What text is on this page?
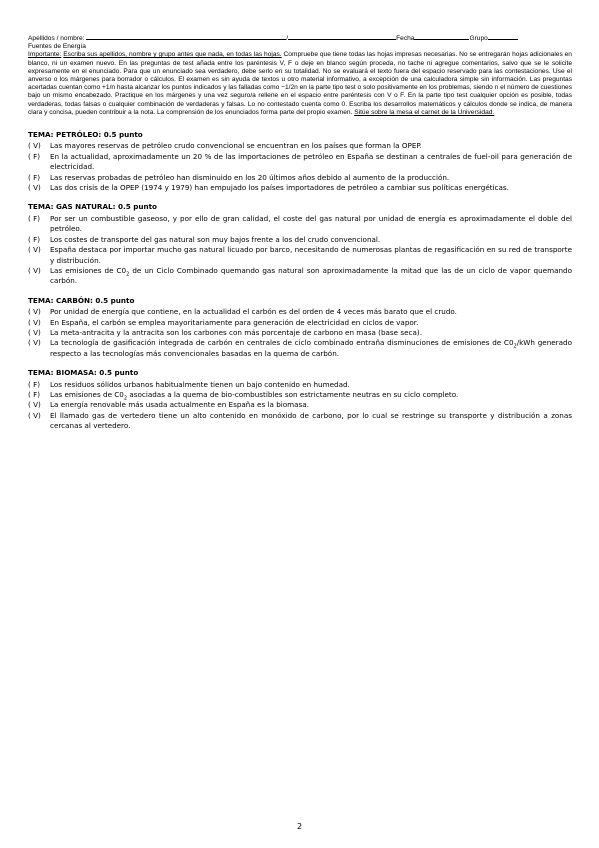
Apellidos / nombre:	/	Fecha	Grupo
Fuentes de Energía
Importante: Escriba sus apellidos, nombre y grupo antes que nada, en todas las hojas. Compruebe que tiene todas las hojas impresas necesarias. No se entregarán hojas adicionales en blanco, ni un examen nuevo. En las preguntas de test añada entre los paréntesis V, F o deje en blanco según proceda, no tache ni agregue comentarios, salvo que se le solicite expresamente en el enunciado. Para que un enunciado sea verdadero, debe serlo en su totalidad. No se evaluará el texto fuera del espacio reservado para las contestaciones. Use el anverso o los márgenes para borrador o cálculos. El examen es sin ayuda de textos u otro material informativo, a excepción de una calculadora simple sin información. Las preguntas acertadas cuentan como +1/n hasta alcanzar los puntos indicados y las falladas como −1/2n en la parte tipo test o solo positivamente en los problemas, siendo n el número de cuestiones bajo un mismo encabezado. Practique en los márgenes y una vez seguro/a rellene en el espacio entre paréntesis con V o F. En la parte tipo test cualquier opción es posible, todas verdaderas, todas falsas o cualquier combinación de verdaderas y falsas. Lo no contestado cuenta como 0. Escriba los desarrollos matemáticos y cálculos donde se indica, de manera clara y concisa, pueden contribuir a la nota. La comprensión de los enunciados forma parte del propio examen. Sitúe sobre la mesa el carnet de la Universidad.
TEMA: PETRÓLEO: 0.5 punto
( V) Las mayores reservas de petróleo crudo convencional se encuentran en los países que forman la OPEP.
( F) En la actualidad, aproximadamente un 20 % de las importaciones de petróleo en España se destinan a centrales de fuel-oil para generación de electricidad.
( F) Las reservas probadas de petróleo han disminuido en los 20 últimos años debido al aumento de la producción.
( V) Las dos crisis de la OPEP (1974 y 1979) han empujado los países importadores de petróleo a cambiar sus políticas energéticas.
TEMA: GAS NATURAL: 0.5 punto
( F) Por ser un combustible gaseoso, y por ello de gran calidad, el coste del gas natural por unidad de energía es aproximadamente el doble del petróleo.
( F) Los costes de transporte del gas natural son muy bajos frente a los del crudo convencional.
( V) España destaca por importar mucho gas natural licuado por barco, necesitando de numerosas plantas de regasificación en su red de transporte y distribución.
( V) Las emisiones de $C0_2$ de un Ciclo Combinado quemando gas natural son aproximadamente la mitad que las de un ciclo de vapor quemando carbón.
TEMA: CARBÓN: 0.5 punto
( V) Por unidad de energía que contiene, en la actualidad el carbón es del orden de 4 veces más barato que el crudo.
( V) En España, el carbón se emplea mayoritariamente para generación de electricidad en ciclos de vapor.
( V) La meta-antracita y la antracita son los carbones con más porcentaje de carbono en masa (base seca).
( V) La tecnología de gasificación integrada de carbón en centrales de ciclo combinado entraña disminuciones de emisiones de $C0_2$/kWh generado respecto a las tecnologías más convencionales basadas en la quema de carbón.
TEMA: BIOMASA: 0.5 punto
( F) Los residuos sólidos urbanos habitualmente tienen un bajo contenido en humedad.
( F) Las emisiones de $C0_2$ asociadas a la quema de bio-combustibles son estrictamente neutras en su ciclo completo.
( V) La energía renovable más usada actualmente en España es la biomasa.
( V) El llamado gas de vertedero tiene un alto contenido en monóxido de carbono, por lo cual se restringe su transporte y distribución a zonas cercanas al vertedero.
2
